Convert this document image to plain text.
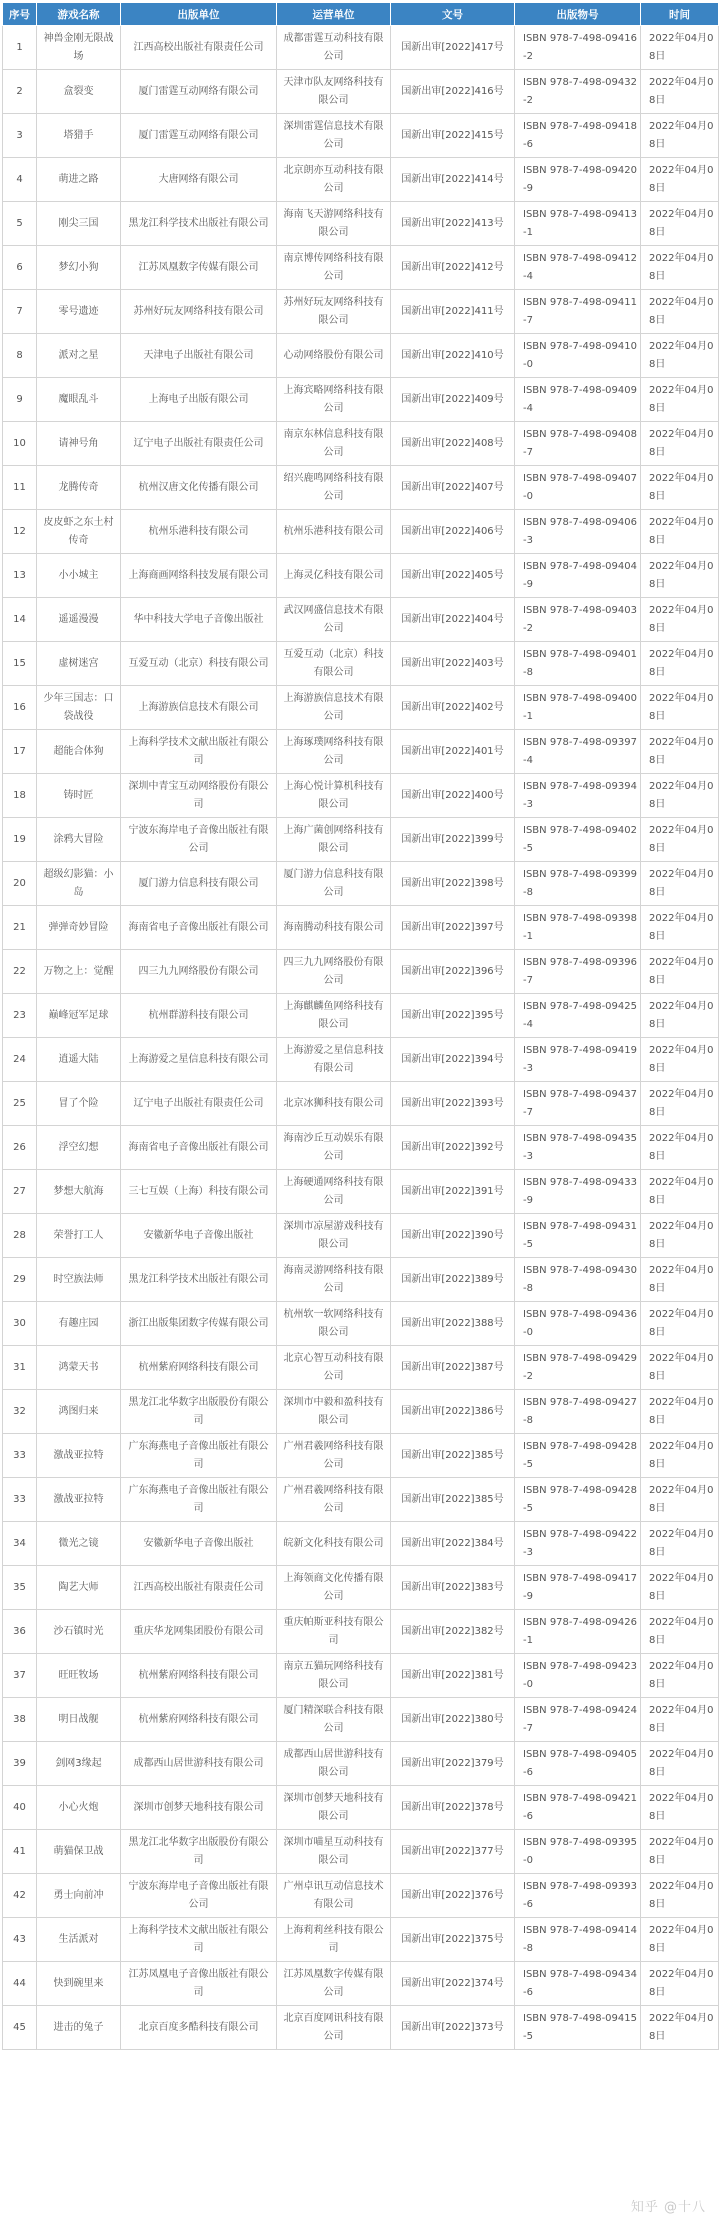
序号	游戏名称	出版单位	运营单位	文号	出版物号	时间
1	神兽金刚无限战场	江西高校出版社有限责任公司	成都雷霆互动科技有限公司	国新出审[2022]417号	ISBN 978-7-498-09416-2	2022年04月08日
2	盒裂变	厦门雷霆互动网络有限公司	天津市队友网络科技有限公司	国新出审[2022]416号	ISBN 978-7-498-09432-2	2022年04月08日
3	塔猎手	厦门雷霆互动网络有限公司	深圳雷霆信息技术有限公司	国新出审[2022]415号	ISBN 978-7-498-09418-6	2022年04月08日
4	萌进之路	大唐网络有限公司	北京朗亦互动科技有限公司	国新出审[2022]414号	ISBN 978-7-498-09420-9	2022年04月08日
5	刚尖三国	黑龙江科学技术出版社有限公司	海南飞天游网络科技有限公司	国新出审[2022]413号	ISBN 978-7-498-09413-1	2022年04月08日
6	梦幻小狗	江苏凤凰数字传媒有限公司	南京博传网络科技有限公司	国新出审[2022]412号	ISBN 978-7-498-09412-4	2022年04月08日
7	零号遗迹	苏州好玩友网络科技有限公司	苏州好玩友网络科技有限公司	国新出审[2022]411号	ISBN 978-7-498-09411-7	2022年04月08日
8	派对之星	天津电子出版社有限公司	心动网络股份有限公司	国新出审[2022]410号	ISBN 978-7-498-09410-0	2022年04月08日
9	魔眼乱斗	上海电子出版有限公司	上海宾略网络科技有限公司	国新出审[2022]409号	ISBN 978-7-498-09409-4	2022年04月08日
10	请神号角	辽宁电子出版社有限责任公司	南京东林信息科技有限公司	国新出审[2022]408号	ISBN 978-7-498-09408-7	2022年04月08日
11	龙腾传奇	杭州汉唐文化传播有限公司	绍兴鹿鸣网络科技有限公司	国新出审[2022]407号	ISBN 978-7-498-09407-0	2022年04月08日
12	皮皮虾之东土村传奇	杭州乐港科技有限公司	杭州乐港科技有限公司	国新出审[2022]406号	ISBN 978-7-498-09406-3	2022年04月08日
13	小小城主	上海商画网络科技发展有限公司	上海灵亿科技有限公司	国新出审[2022]405号	ISBN 978-7-498-09404-9	2022年04月08日
14	遥遥漫漫	华中科技大学电子音像出版社	武汉网盛信息技术有限公司	国新出审[2022]404号	ISBN 978-7-498-09403-2	2022年04月08日
15	虚树迷宫	互爱互动（北京）科技有限公司	互爱互动（北京）科技有限公司	国新出审[2022]403号	ISBN 978-7-498-09401-8	2022年04月08日
16	少年三国志：口袋战役	上海游族信息技术有限公司	上海游族信息技术有限公司	国新出审[2022]402号	ISBN 978-7-498-09400-1	2022年04月08日
17	超能合体狗	上海科学技术文献出版社有限公司	上海琢璞网络科技有限公司	国新出审[2022]401号	ISBN 978-7-498-09397-4	2022年04月08日
18	铸时匠	深圳中青宝互动网络股份有限公司	上海心悦计算机科技有限公司	国新出审[2022]400号	ISBN 978-7-498-09394-3	2022年04月08日
19	涂鸦大冒险	宁波东海岸电子音像出版社有限公司	上海广菌创网络科技有限公司	国新出审[2022]399号	ISBN 978-7-498-09402-5	2022年04月08日
20	超级幻影猫：小岛	厦门游力信息科技有限公司	厦门游力信息科技有限公司	国新出审[2022]398号	ISBN 978-7-498-09399-8	2022年04月08日
21	弹弹奇妙冒险	海南省电子音像出版社有限公司	海南腾动科技有限公司	国新出审[2022]397号	ISBN 978-7-498-09398-1	2022年04月08日
22	万物之上：觉醒	四三九九网络股份有限公司	四三九九网络股份有限公司	国新出审[2022]396号	ISBN 978-7-498-09396-7	2022年04月08日
23	巅峰冠军足球	杭州群游科技有限公司	上海麒麟鱼网络科技有限公司	国新出审[2022]395号	ISBN 978-7-498-09425-4	2022年04月08日
24	逍遥大陆	上海游爱之星信息科技有限公司	上海游爱之星信息科技有限公司	国新出审[2022]394号	ISBN 978-7-498-09419-3	2022年04月08日
25	冒了个险	辽宁电子出版社有限责任公司	北京冰狮科技有限公司	国新出审[2022]393号	ISBN 978-7-498-09437-7	2022年04月08日
26	浮空幻想	海南省电子音像出版社有限公司	海南沙丘互动娱乐有限公司	国新出审[2022]392号	ISBN 978-7-498-09435-3	2022年04月08日
27	梦想大航海	三七互娱（上海）科技有限公司	上海硬通网络科技有限公司	国新出审[2022]391号	ISBN 978-7-498-09433-9	2022年04月08日
28	荣誉打工人	安徽新华电子音像出版社	深圳市凉屋游戏科技有限公司	国新出审[2022]390号	ISBN 978-7-498-09431-5	2022年04月08日
29	时空族法师	黑龙江科学技术出版社有限公司	海南灵游网络科技有限公司	国新出审[2022]389号	ISBN 978-7-498-09430-8	2022年04月08日
30	有趣庄园	浙江出版集团数字传媒有限公司	杭州软一软网络科技有限公司	国新出审[2022]388号	ISBN 978-7-498-09436-0	2022年04月08日
31	鸿蒙天书	杭州紫府网络科技有限公司	北京心智互动科技有限公司	国新出审[2022]387号	ISBN 978-7-498-09429-2	2022年04月08日
32	鸿图归来	黑龙江北华数字出版股份有限公司	深圳市中毅和盈科技有限公司	国新出审[2022]386号	ISBN 978-7-498-09427-8	2022年04月08日
33	激战亚拉特	广东海燕电子音像出版社有限公司	广州君羲网络科技有限公司	国新出审[2022]385号	ISBN 978-7-498-09428-5	2022年04月08日
33	激战亚拉特	广东海燕电子音像出版社有限公司	广州君羲网络科技有限公司	国新出审[2022]385号	ISBN 978-7-498-09428-5	2022年04月08日
34	微光之镜	安徽新华电子音像出版社	皖新文化科技有限公司	国新出审[2022]384号	ISBN 978-7-498-09422-3	2022年04月08日
35	陶艺大师	江西高校出版社有限责任公司	上海领商文化传播有限公司	国新出审[2022]383号	ISBN 978-7-498-09417-9	2022年04月08日
36	沙石镇时光	重庆华龙网集团股份有限公司	重庆帕斯亚科技有限公司	国新出审[2022]382号	ISBN 978-7-498-09426-1	2022年04月08日
37	旺旺牧场	杭州紫府网络科技有限公司	南京五猫玩网络科技有限公司	国新出审[2022]381号	ISBN 978-7-498-09423-0	2022年04月08日
38	明日战舰	杭州紫府网络科技有限公司	厦门精深联合科技有限公司	国新出审[2022]380号	ISBN 978-7-498-09424-7	2022年04月08日
39	剑网3缘起	成都西山居世游科技有限公司	成都西山居世游科技有限公司	国新出审[2022]379号	ISBN 978-7-498-09405-6	2022年04月08日
40	小心火炮	深圳市创梦天地科技有限公司	深圳市创梦天地科技有限公司	国新出审[2022]378号	ISBN 978-7-498-09421-6	2022年04月08日
41	萌猫保卫战	黑龙江北华数字出版股份有限公司	深圳市喵星互动科技有限公司	国新出审[2022]377号	ISBN 978-7-498-09395-0	2022年04月08日
42	勇士向前冲	宁波东海岸电子音像出版社有限公司	广州卓讯互动信息技术有限公司	国新出审[2022]376号	ISBN 978-7-498-09393-6	2022年04月08日
43	生活派对	上海科学技术文献出版社有限公司	上海莉莉丝科技有限公司	国新出审[2022]375号	ISBN 978-7-498-09414-8	2022年04月08日
44	快到碗里来	江苏凤凰电子音像出版社有限公司	江苏凤凰数字传媒有限公司	国新出审[2022]374号	ISBN 978-7-498-09434-6	2022年04月08日
45	进击的兔子	北京百度多酷科技有限公司	北京百度网讯科技有限公司	国新出审[2022]373号	ISBN 978-7-498-09415-5	2022年04月08日
知乎 @十八
